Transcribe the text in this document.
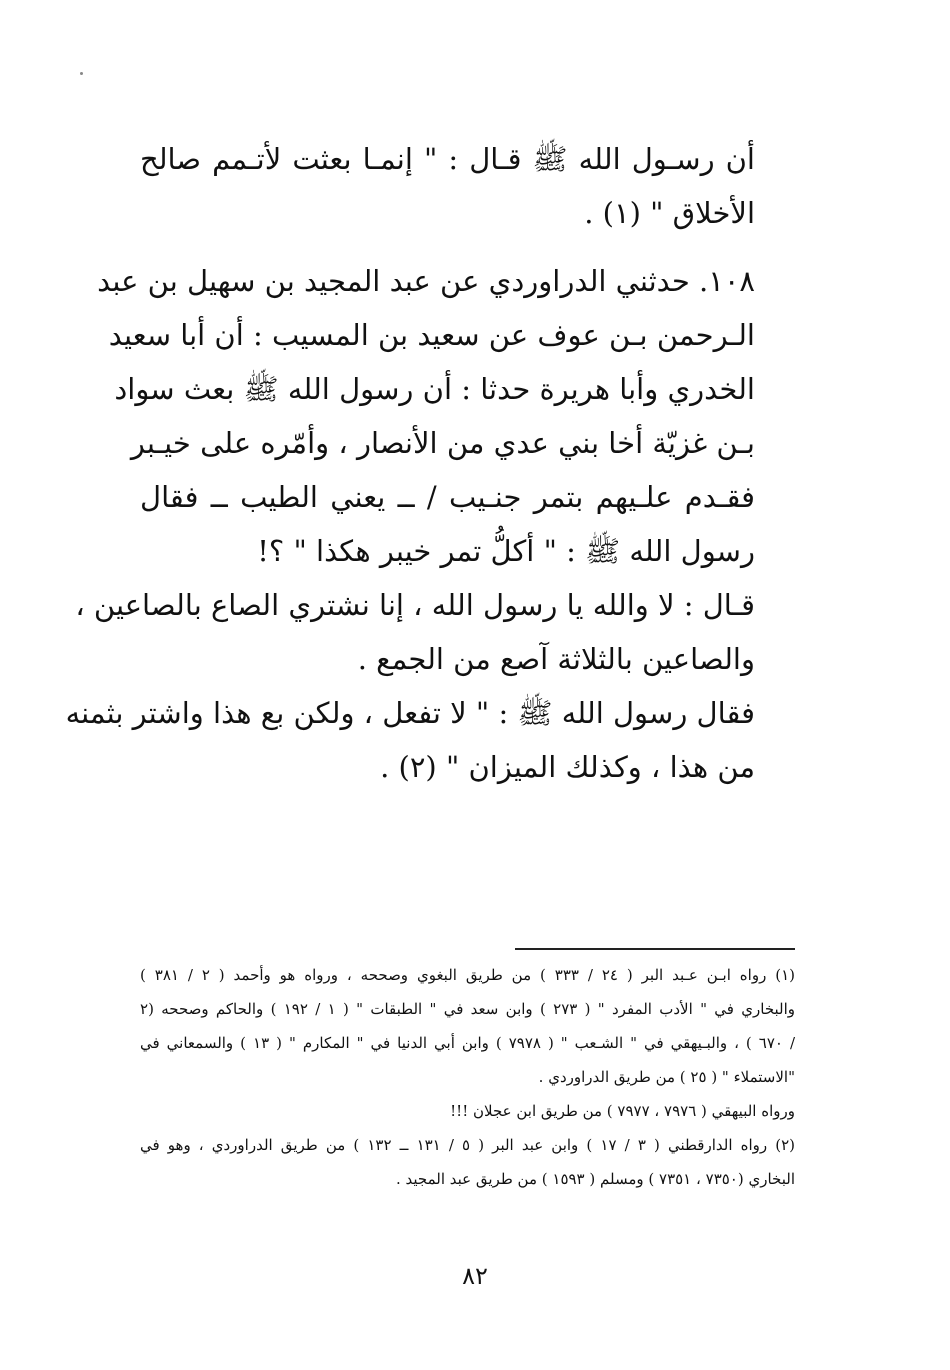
أن رسـول الله ﷺ قـال : " إنمـا بعثت لأتـمم صالح
الأخلاق " (١) .
١٠٨. حدثني الدراوردي عن عبد المجيد بن سهيل بن عبد
الـرحمن بـن عوف عن سعيد بن المسيب : أن أبا سعيد
الخدري وأبا هريرة حدثا : أن رسول الله ﷺ بعث سواد
بـن غزيّة أخا بني عدي من الأنصار ، وأمّره على خيـبر
فقـدم علـيهم بتمر جنـيب / ــ يعني الطيب ــ فقال
رسول الله ﷺ : " أكلُّ تمر خيبر هكذا " ؟!
قـال : لا والله يا رسول الله ، إنا نشتري الصاع بالصاعين ،
والصاعين بالثلاثة آصع من الجمع .
فقال رسول الله ﷺ : " لا تفعل ، ولكن بع هذا واشتر بثمنه
من هذا ، وكذلك الميزان " (٢) .
(١) رواه ابـن عـبد البر ( ٢٤ / ٣٣٣ ) من طريق البغوي وصححه ، ورواه هو وأحمد ( ٢ / ٣٨١ )
والبخاري في " الأدب المفرد " ( ٢٧٣ ) وابن سعد في " الطبقات " ( ١ / ١٩٢ ) والحاكم وصححه (٢
/ ٦٧٠ ) ، والبـيهقي في " الشـعب " ( ٧٩٧٨ ) وابن أبي الدنيا في " المكارم " ( ١٣ ) والسمعاني في
"الاستملاء " ( ٢٥ ) من طريق الدراوردي .
ورواه البيهقي ( ٧٩٧٦ ، ٧٩٧٧ ) من طريق ابن عجلان !!!
(٢) رواه الدارقطني ( ٣ / ١٧ ) وابن عبد البر ( ٥ / ١٣١ ــ ١٣٢ ) من طريق الدراوردي ، وهو في
البخاري (٧٣٥٠ ، ٧٣٥١ ) ومسلم ( ١٥٩٣ ) من طريق عبد المجيد .
٨٢
